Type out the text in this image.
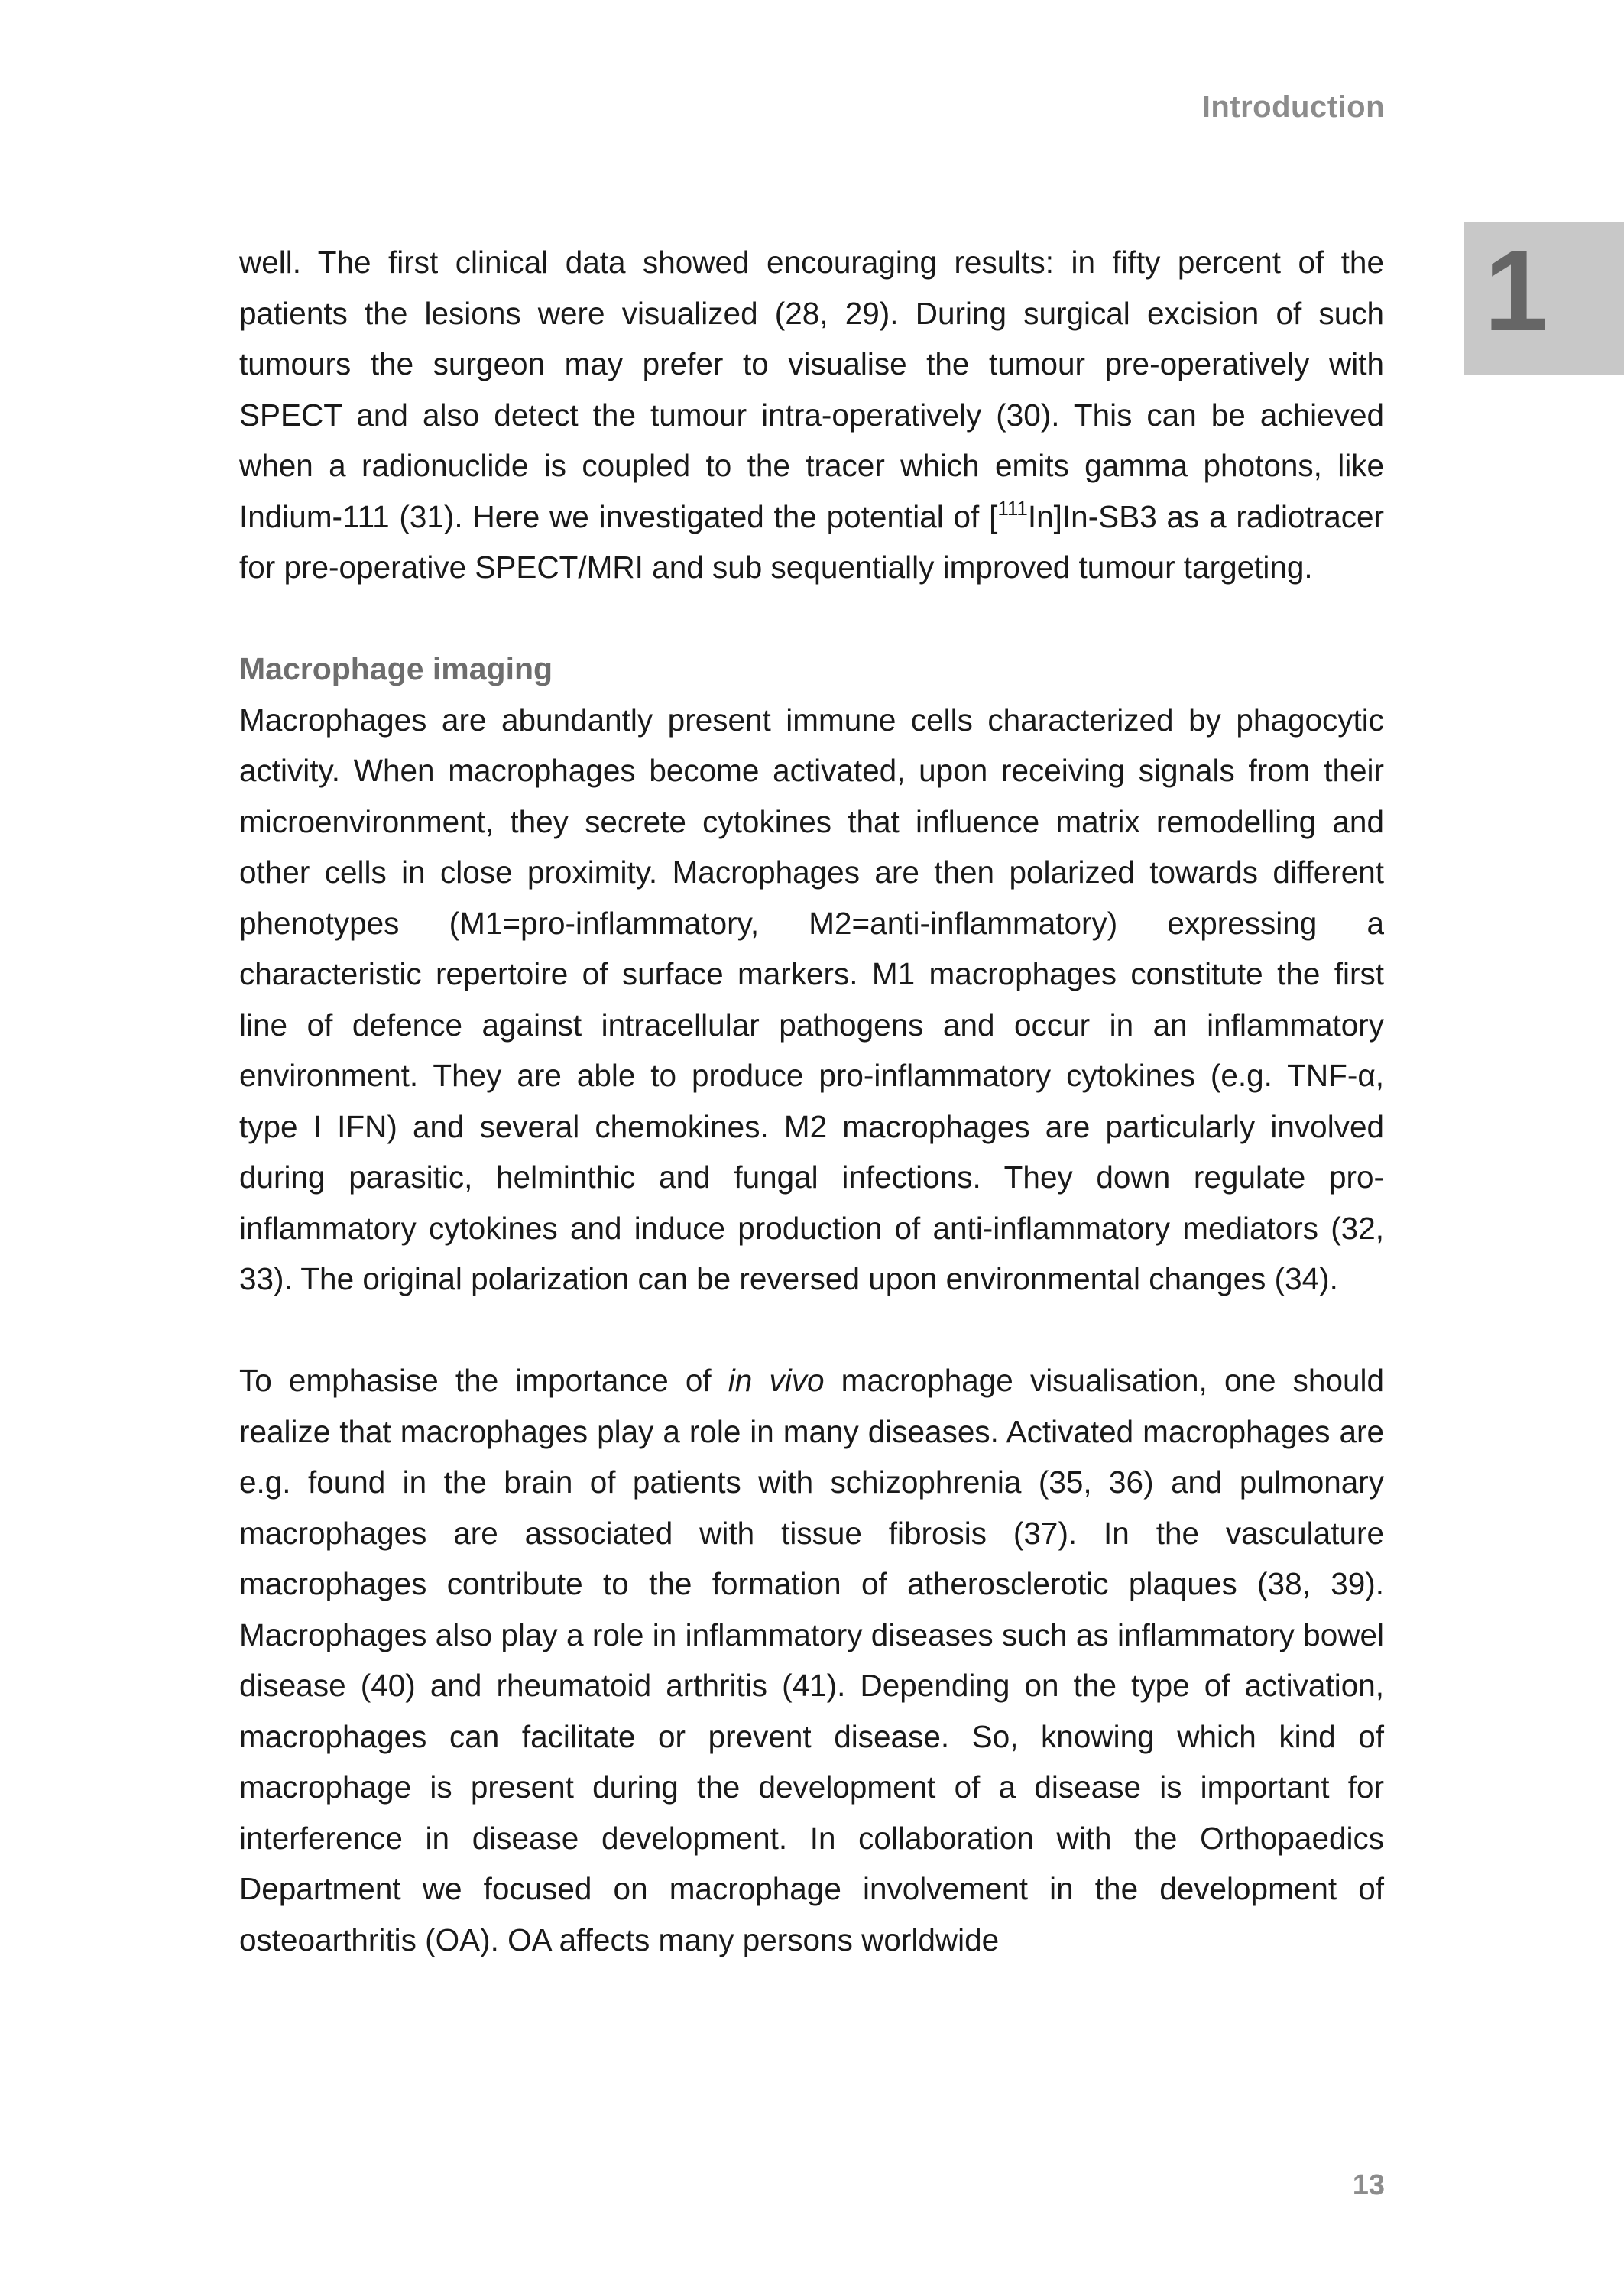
Introduction
1

well. The first clinical data showed encouraging results: in fifty percent of the patients the lesions were visualized (28, 29). During surgical excision of such tumours the surgeon may prefer to visualise the tumour pre-operatively with SPECT and also detect the tumour intra-operatively (30). This can be achieved when a radionuclide is coupled to the tracer which emits gamma photons, like Indium-111 (31). Here we investigated the potential of [$^{111}$In]In-SB3 as a radiotracer for pre-operative SPECT/MRI and sub sequentially improved tumour targeting.

Macrophage imaging

Macrophages are abundantly present immune cells characterized by phagocytic activity. When macrophages become activated, upon receiving signals from their microenvironment, they secrete cytokines that influence matrix remodelling and other cells in close proximity. Macrophages are then polarized towards different phenotypes (M1=pro-inflammatory, M2=anti-inflammatory) expressing a characteristic repertoire of surface markers. M1 macrophages constitute the first line of defence against intracellular pathogens and occur in an inflammatory environment. They are able to produce pro-inflammatory cytokines (e.g. TNF-α, type I IFN) and several chemokines. M2 macrophages are particularly involved during parasitic, helminthic and fungal infections. They down regulate pro-inflammatory cytokines and induce production of anti-inflammatory mediators (32, 33). The original polarization can be reversed upon environmental changes (34).

To emphasise the importance of in vivo macrophage visualisation, one should realize that macrophages play a role in many diseases. Activated macrophages are e.g. found in the brain of patients with schizophrenia (35, 36) and pulmonary macrophages are associated with tissue fibrosis (37). In the vasculature macrophages contribute to the formation of atherosclerotic plaques (38, 39). Macrophages also play a role in inflammatory diseases such as inflammatory bowel disease (40) and rheumatoid arthritis (41). Depending on the type of activation, macrophages can facilitate or prevent disease. So, knowing which kind of macrophage is present during the development of a disease is important for interference in disease development. In collaboration with the Orthopaedics Department we focused on macrophage involvement in the development of osteoarthritis (OA). OA affects many persons worldwide

13
